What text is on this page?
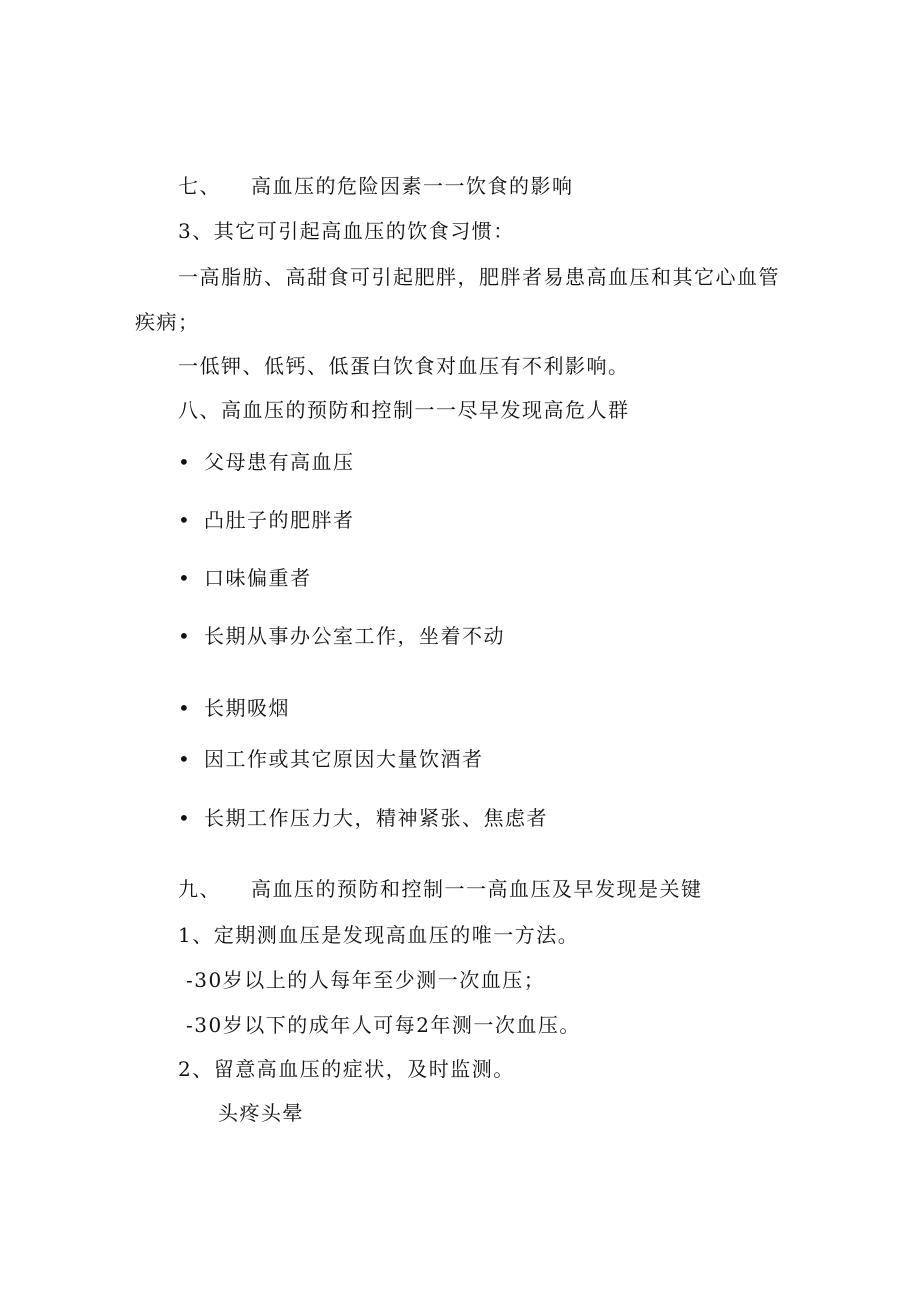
七、 高血压的危险因素一一饮食的影响
3、其它可引起高血压的饮食习惯：
一高脂肪、高甜食可引起肥胖，肥胖者易患高血压和其它心血管
疾病；
一低钾、低钙、低蛋白饮食对血压有不利影响。
八、高血压的预防和控制一一尽早发现高危人群
• 父母患有高血压
• 凸肚子的肥胖者
• 口味偏重者
• 长期从事办公室工作，坐着不动
• 长期吸烟
• 因工作或其它原因大量饮酒者
• 长期工作压力大，精神紧张、焦虑者
九、 高血压的预防和控制一一高血压及早发现是关键
1、定期测血压是发现高血压的唯一方法。
-30岁以上的人每年至少测一次血压；
-30岁以下的成年人可每2年测一次血压。
2、留意高血压的症状，及时监测。
头疼头晕
